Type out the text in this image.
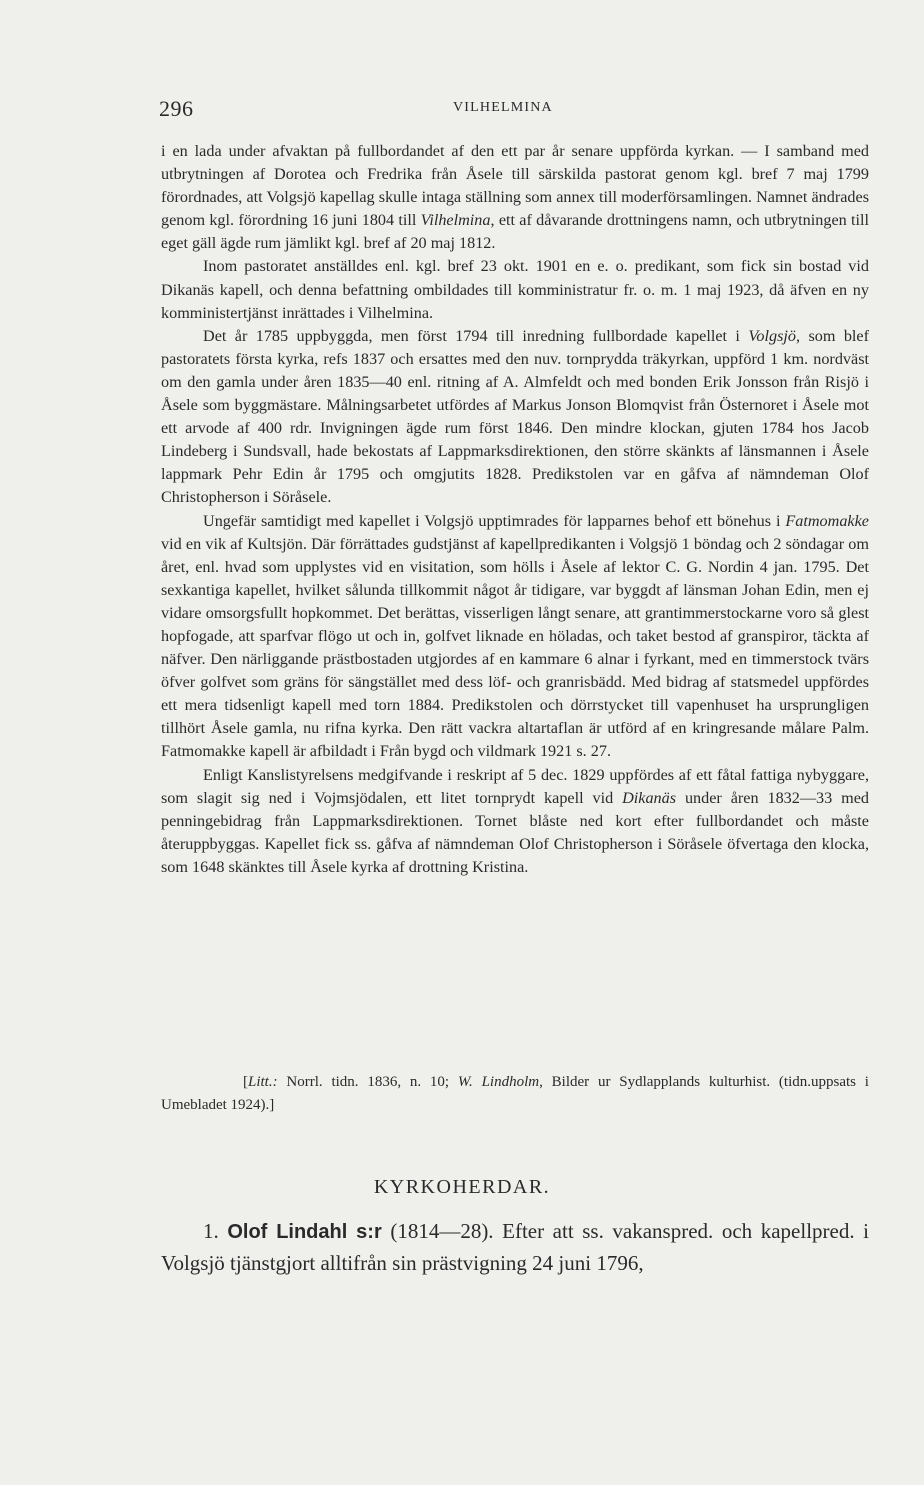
296	VILHELMINA

i en lada under afvaktan på fullbordandet af den ett par år senare uppförda kyrkan. — I samband med utbrytningen af Dorotea och Fredrika från Åsele till särskilda pastorat genom kgl. bref 7 maj 1799 förordnades, att Volgsjö kapellag skulle intaga ställning som annex till moderförsamlingen. Namnet ändrades genom kgl. förordning 16 juni 1804 till Vilhelmina, ett af dåvarande drottningens namn, och utbrytningen till eget gäll ägde rum jämlikt kgl. bref af 20 maj 1812.

Inom pastoratet anställdes enl. kgl. bref 23 okt. 1901 en e. o. predikant, som fick sin bostad vid Dikanäs kapell, och denna befattning ombildades till komministratur fr. o. m. 1 maj 1923, då äfven en ny komministertjänst inrättades i Vilhelmina.

Det år 1785 uppbyggda, men först 1794 till inredning fullbordade kapellet i Volgsjö, som blef pastoratets första kyrka, refs 1837 och ersattes med den nuv. tornprydda träkyrkan, uppförd 1 km. nordväst om den gamla under åren 1835—40 enl. ritning af A. Almfeldt och med bonden Erik Jonsson från Risjö i Åsele som byggmästare. Målningsarbetet utfördes af Markus Jonson Blomqvist från Östernoret i Åsele mot ett arvode af 400 rdr. Invigningen ägde rum först 1846. Den mindre klockan, gjuten 1784 hos Jacob Lindeberg i Sundsvall, hade bekostats af Lappmarksdirektionen, den större skänkts af länsmannen i Åsele lappmark Pehr Edin år 1795 och omgjutits 1828. Predikstolen var en gåfva af nämndeman Olof Christopherson i Söråsele.

Ungefär samtidigt med kapellet i Volgsjö upptimrades för lapparnes behof ett bönehus i Fatmomakke vid en vik af Kultsjön. Där förrättades gudstjänst af kapellpredikanten i Volgsjö 1 böndag och 2 söndagar om året, enl. hvad som upplystes vid en visitation, som hölls i Åsele af lektor C. G. Nordin 4 jan. 1795. Det sexkantiga kapellet, hvilket sålunda tillkommit något år tidigare, var byggdt af länsman Johan Edin, men ej vidare omsorgsfullt hopkommet. Det berättas, visserligen långt senare, att grantimmerstockarne voro så glest hopfogade, att sparfvar flögo ut och in, golfvet liknade en höladas, och taket bestod af granspiror, täckta af näfver. Den närliggande prästbostaden utgjordes af en kammare 6 alnar i fyrkant, med en timmerstock tvärs öfver golfvet som gräns för sängstället med dess löf- och granrisbädd. Med bidrag af statsmedel uppfördes ett mera tidsenligt kapell med torn 1884. Predikstolen och dörrstycket till vapenhuset ha ursprungligen tillhört Åsele gamla, nu rifna kyrka. Den rätt vackra altartaflan är utförd af en kringresande målare Palm. Fatmomakke kapell är afbildadt i Från bygd och vildmark 1921 s. 27.

Enligt Kanslistyrelsens medgifvande i reskript af 5 dec. 1829 uppfördes af ett fåtal fattiga nybyggare, som slagit sig ned i Vojmsjödalen, ett litet tornprydt kapell vid Dikanäs under åren 1832—33 med penningebidrag från Lappmarksdirektionen. Tornet blåste ned kort efter fullbordandet och måste återuppbyggas. Kapellet fick ss. gåfva af nämndeman Olof Christopherson i Söråsele öfvertaga den klocka, som 1648 skänktes till Åsele kyrka af drottning Kristina.

[Litt.: Norrl. tidn. 1836, n. 10; W. Lindholm, Bilder ur Sydlapplands kulturhist. (tidn.uppsats i Umebladet 1924).]
KYRKOHERDAR.
1. Olof Lindahl s:r (1814—28). Efter att ss. vakanspred. och kapellpred. i Volgsjö tjänstgjort alltifrån sin prästvigning 24 juni 1796,
